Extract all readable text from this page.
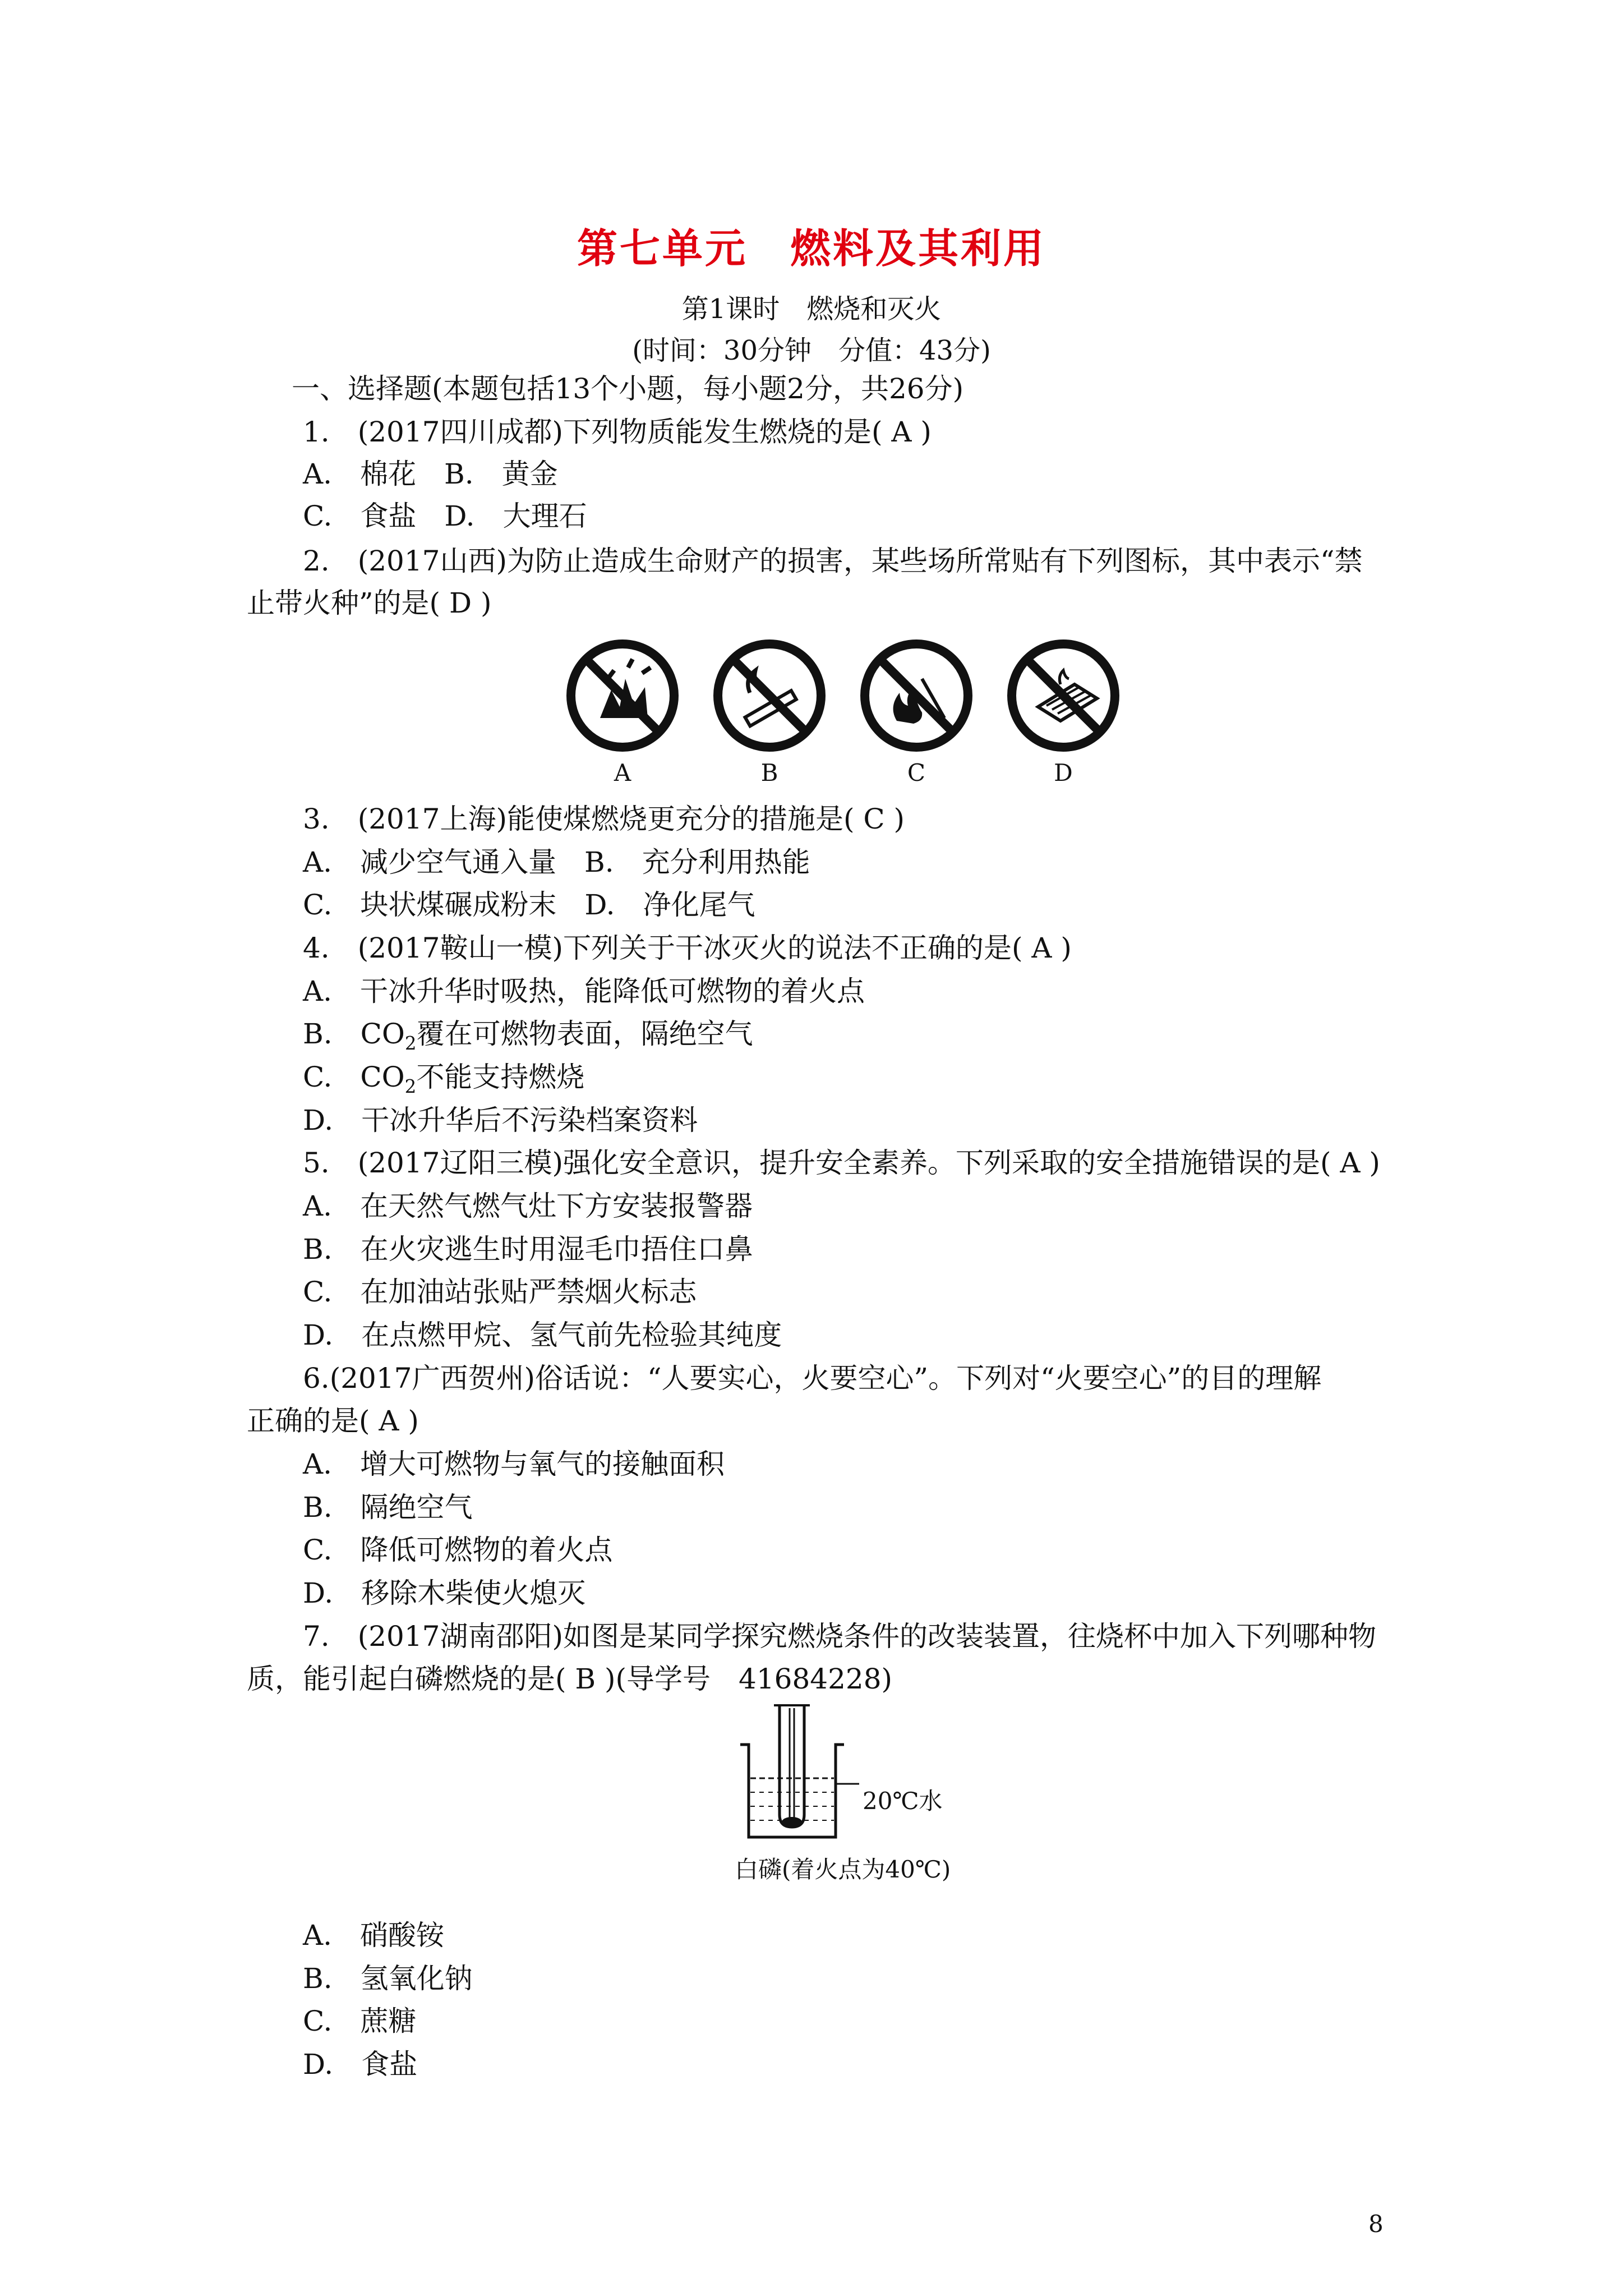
第七单元　燃料及其利用
第1课时　燃烧和灭火
(时间：30分钟　分值：43分)
一、选择题(本题包括13个小题，每小题2分，共26分)
1.　(2017四川成都)下列物质能发生燃烧的是( A )
A.　棉花　B.　黄金
C.　食盐　D.　大理石
2.　(2017山西)为防止造成生命财产的损害，某些场所常贴有下列图标，其中表示“禁
止带火种”的是( D )
A	B	C	D
3.　(2017上海)能使煤燃烧更充分的措施是( C )
A.　减少空气通入量　B.　充分利用热能
C.　块状煤碾成粉末　D.　净化尾气
4.　(2017鞍山一模)下列关于干冰灭火的说法不正确的是( A )
A.　干冰升华时吸热，能降低可燃物的着火点
B.　$CO_2$覆在可燃物表面，隔绝空气
C.　$CO_2$不能支持燃烧
D.　干冰升华后不污染档案资料
5.　(2017辽阳三模)强化安全意识，提升安全素养。下列采取的安全措施错误的是( A )
A.　在天然气燃气灶下方安装报警器
B.　在火灾逃生时用湿毛巾捂住口鼻
C.　在加油站张贴严禁烟火标志
D.　在点燃甲烷、氢气前先检验其纯度
6.(2017广西贺州)俗话说：“人要实心，火要空心”。下列对“火要空心”的目的理解
正确的是( A )
A.　增大可燃物与氧气的接触面积
B.　隔绝空气
C.　降低可燃物的着火点
D.　移除木柴使火熄灭
7.　(2017湖南邵阳)如图是某同学探究燃烧条件的改装装置，往烧杯中加入下列哪种物
质，能引起白磷燃烧的是( B )(导学号　41684228)
20℃水
白磷(着火点为40℃)
A.　硝酸铵
B.　氢氧化钠
C.　蔗糖
D.　食盐
8
